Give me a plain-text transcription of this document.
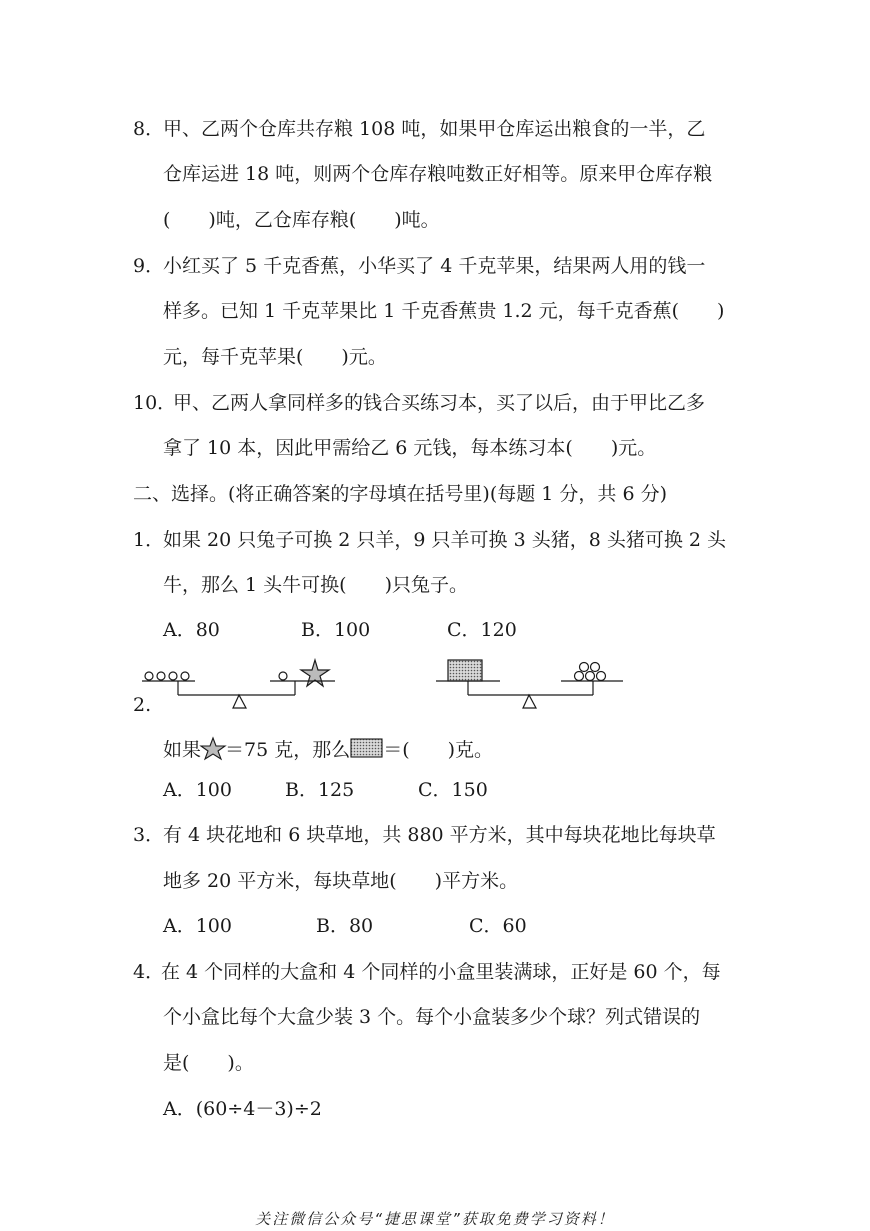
8．
甲、乙两个仓库共存粮 108 吨，如果甲仓库运出粮食的一半，乙
仓库运进 18 吨，则两个仓库存粮吨数正好相等。原来甲仓库存粮
(　　)吨，乙仓库存粮(　　)吨。
9．
小红买了 5 千克香蕉，小华买了 4 千克苹果，结果两人用的钱一
样多。已知 1 千克苹果比 1 千克香蕉贵 1.2 元，每千克香蕉(　　)
元，每千克苹果(　　)元。
10．
甲、乙两人拿同样多的钱合买练习本，买了以后，由于甲比乙多
拿了 10 本，因此甲需给乙 6 元钱，每本练习本(　　)元。
二、选择。(将正确答案的字母填在括号里)(每题 1 分，共 6 分)
1．
如果 20 只兔子可换 2 只羊，9 只羊可换 3 头猪，8 头猪可换 2 头
牛，那么 1 头牛可换(　　)只兔子。
A．80	B．100	C．120
2.
如果 ＝75 克，那么 ＝(　　)克。
A．100	B．125	C．150
3．
有 4 块花地和 6 块草地，共 880 平方米，其中每块花地比每块草
地多 20 平方米，每块草地(　　)平方米。
A．100	B．80	C．60
4．
在 4 个同样的大盒和 4 个同样的小盒里装满球，正好是 60 个，每
个小盒比每个大盒少装 3 个。每个小盒装多少个球？列式错误的
是(　　)。
A．(60÷4－3)÷2
关注微信公众号“捷思课堂”获取免费学习资料！
